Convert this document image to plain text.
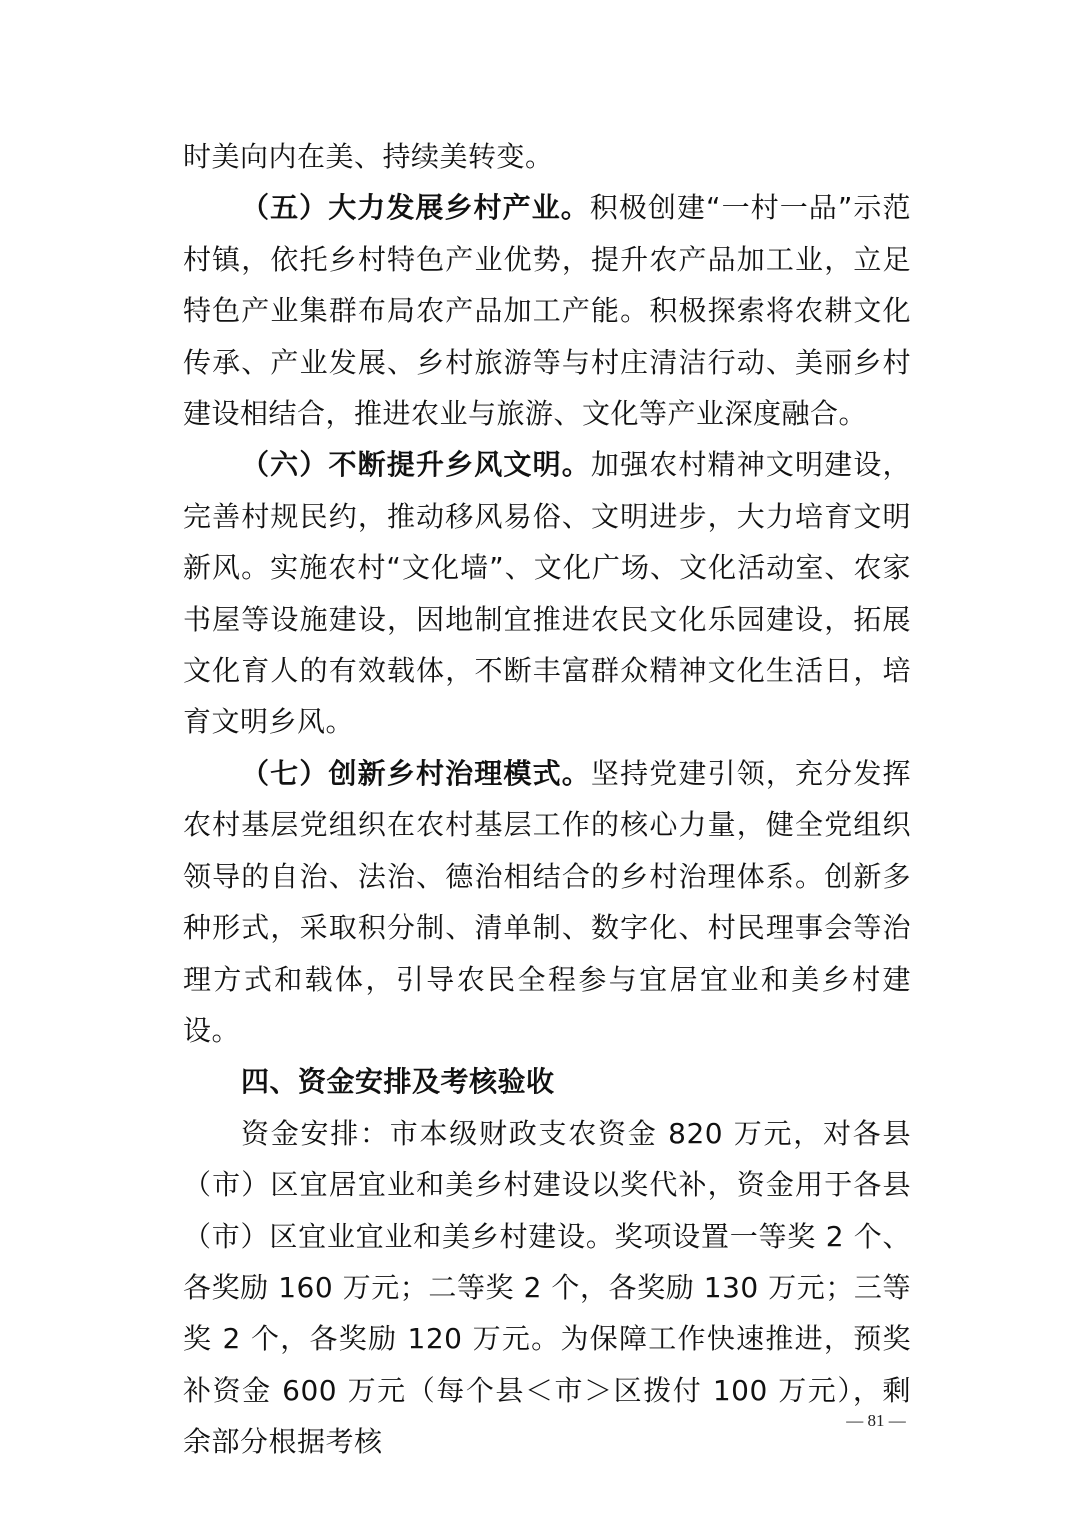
时美向内在美、持续美转变。

（五）大力发展乡村产业。积极创建“一村一品”示范村镇，依托乡村特色产业优势，提升农产品加工业，立足特色产业集群布局农产品加工产能。积极探索将农耕文化传承、产业发展、乡村旅游等与村庄清洁行动、美丽乡村建设相结合，推进农业与旅游、文化等产业深度融合。

（六）不断提升乡风文明。加强农村精神文明建设，完善村规民约，推动移风易俗、文明进步，大力培育文明新风。实施农村“文化墙”、文化广场、文化活动室、农家书屋等设施建设，因地制宜推进农民文化乐园建设，拓展文化育人的有效载体，不断丰富群众精神文化生活日，培育文明乡风。

（七）创新乡村治理模式。坚持党建引领，充分发挥农村基层党组织在农村基层工作的核心力量，健全党组织领导的自治、法治、德治相结合的乡村治理体系。创新多种形式，采取积分制、清单制、数字化、村民理事会等治理方式和载体，引导农民全程参与宜居宜业和美乡村建设。

四、资金安排及考核验收

资金安排：市本级财政支农资金 820 万元，对各县（市）区宜居宜业和美乡村建设以奖代补，资金用于各县（市）区宜业宜业和美乡村建设。奖项设置一等奖 2 个、各奖励 160 万元；二等奖 2 个，各奖励 130 万元；三等奖 2 个，各奖励 120 万元。为保障工作快速推进，预奖补资金 600 万元（每个县＜市＞区拨付 100 万元），剩余部分根据考核

— 81 —
